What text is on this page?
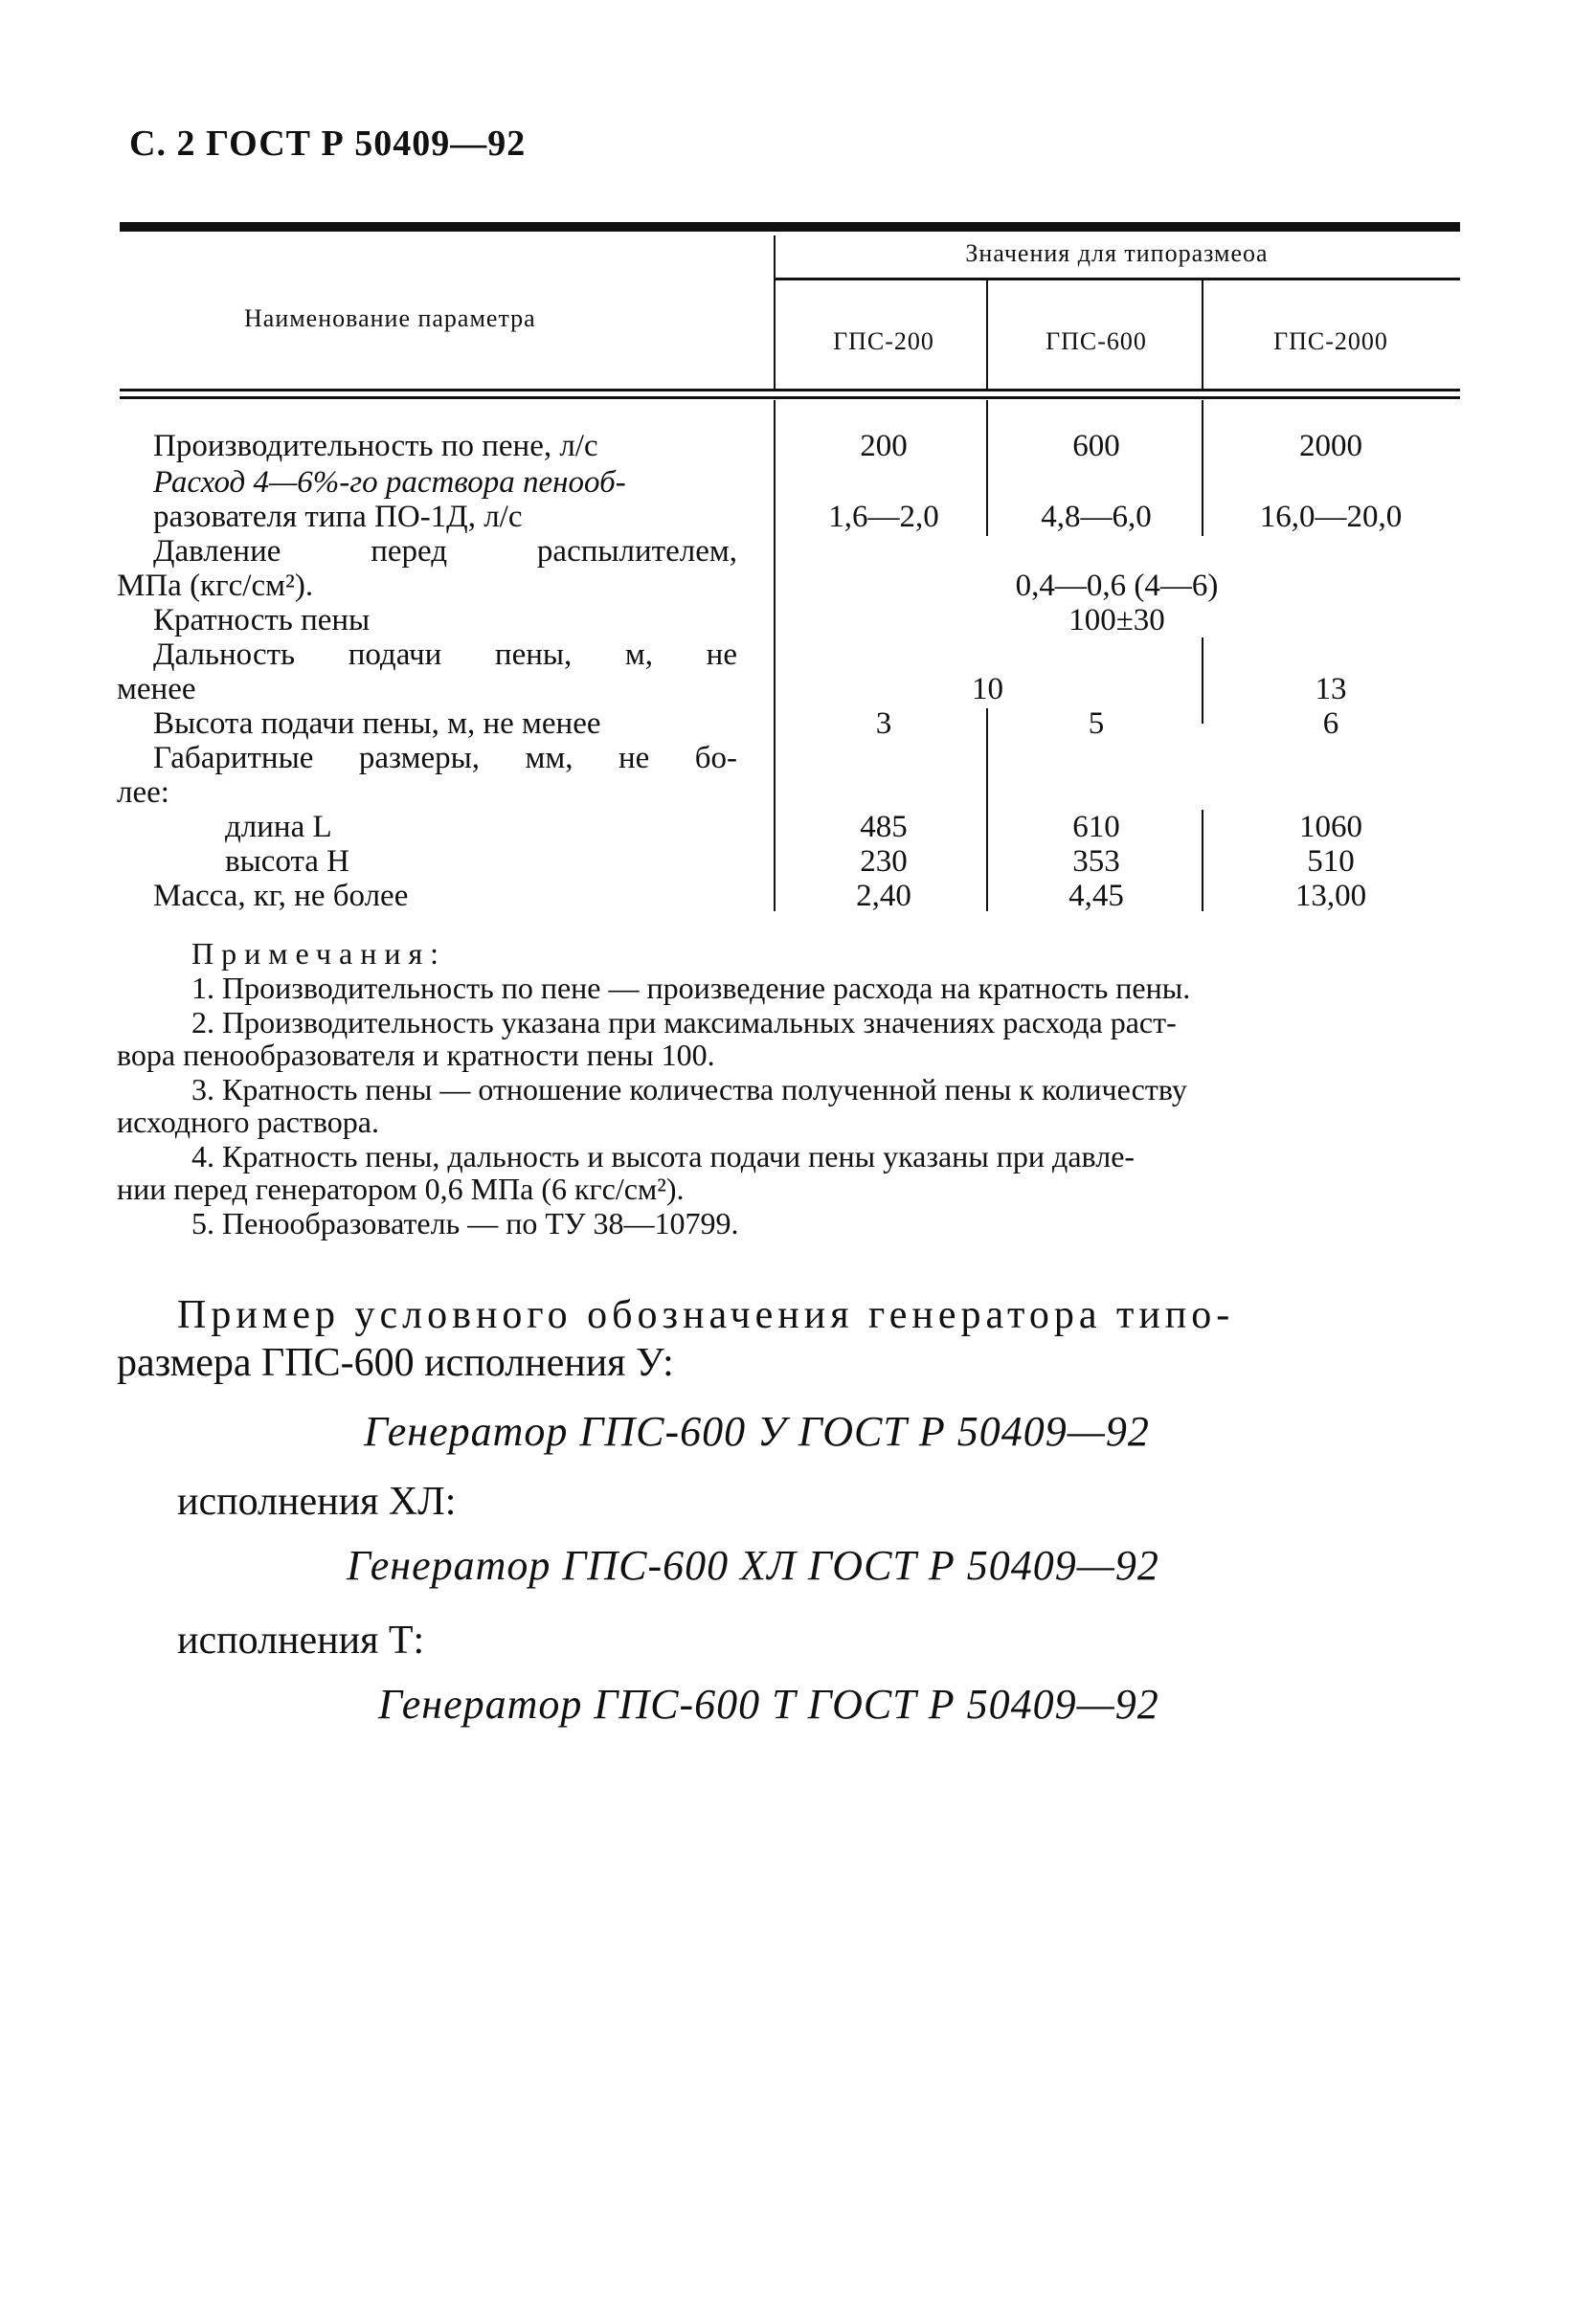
С. 2 ГОСТ Р 50409—92
Наименование параметра
Значения для типоразмеоа
ГПС-200	ГПС-600	ГПС-2000
Производительность по пене, л/с	200	600	2000
Расход 4—6%-го раствора пенооб-
разователя типа ПО-1Д, л/с	1,6—2,0	4,8—6,0	16,0—20,0
Давление перед распылителем,
МПа (кгс/см²).	0,4—0,6 (4—6)
Кратность пены	100±30
Дальность подачи пены, м, не
менее	10	13
Высота подачи пены, м, не менее	3	5	6
Габаритные размеры, мм, не бо-
лее:
длина L	485	610	1060
высота H	230	353	510
Масса, кг, не более	2,40	4,45	13,00
Примечания:
1. Производительность по пене — произведение расхода на кратность пены.
2. Производительность указана при максимальных значениях расхода раст-
вора пенообразователя и кратности пены 100.
3. Кратность пены — отношение количества полученной пены к количеству
исходного раствора.
4. Кратность пены, дальность и высота подачи пены указаны при давле-
нии перед генератором 0,6 МПа (6 кгс/см²).
5. Пенообразователь — по ТУ 38—10799.
Пример условного обозначения генератора типо-
размера ГПС-600 исполнения У:
Генератор ГПС-600 У ГОСТ Р 50409—92
исполнения ХЛ:
Генератор ГПС-600 ХЛ ГОСТ Р 50409—92
исполнения Т:
Генератор ГПС-600 Т ГОСТ Р 50409—92
